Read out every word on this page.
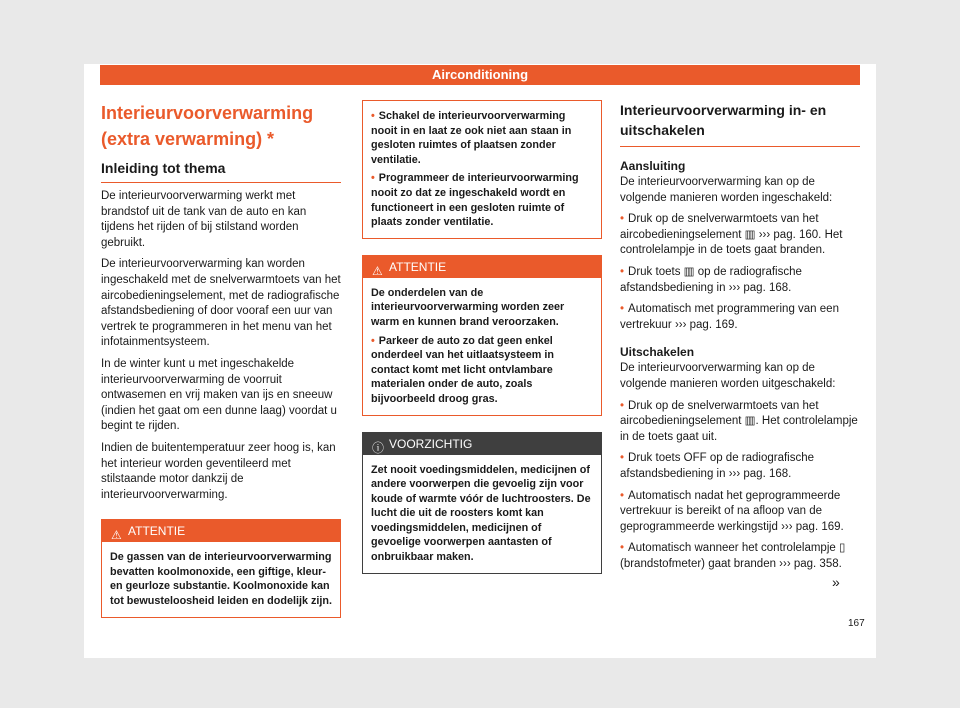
Airconditioning
Interieurvoorverwarming
(extra verwarming) *
Inleiding tot thema

De interieurvoorverwarming werkt met brandstof uit de tank van de auto en kan tijdens het rijden of bij stilstand worden gebruikt.

De interieurvoorverwarming kan worden ingeschakeld met de snelverwarmtoets van het aircobedieningselement, met de radiografische afstandsbediening of door vooraf een uur van vertrek te programmeren in het menu van het infotainmentsysteem.

In de winter kunt u met ingeschakelde interieurvoorverwarming de voorruit ontwasemen en vrij maken van ijs en sneeuw (indien het gaat om een dunne laag) voordat u begint te rijden.

Indien de buitentemperatuur zeer hoog is, kan het interieur worden geventileerd met stilstaande motor dankzij de interieurvoorverwarming.

⚠ ATTENTIE

De gassen van de interieurvoorverwarming bevatten koolmonoxide, een giftige, kleur- en geurloze substantie. Koolmonoxide kan tot bewusteloosheid leiden en dodelijk zijn.

• Schakel de interieurvoorverwarming nooit in en laat ze ook niet aan staan in gesloten ruimtes of plaatsen zonder ventilatie.

• Programmeer de interieurvoorwarming nooit zo dat ze ingeschakeld wordt en functioneert in een gesloten ruimte of plaats zonder ventilatie.

⚠ ATTENTIE

De onderdelen van de interieurvoorverwarming worden zeer warm en kunnen brand veroorzaken.

• Parkeer de auto zo dat geen enkel onderdeel van het uitlaatsysteem in contact komt met licht ontvlambare materialen onder de auto, zoals bijvoorbeeld droog gras.

ⓘ VOORZICHTIG

Zet nooit voedingsmiddelen, medicijnen of andere voorwerpen die gevoelig zijn voor koude of warmte vóór de luchtroosters. De lucht die uit de roosters komt kan voedingsmiddelen, medicijnen of gevoelige voorwerpen aantasten of onbruikbaar maken.

Interieurvoorverwarming in- en uitschakelen
Aansluiting

De interieurvoorverwarming kan op de volgende manieren worden ingeschakeld:

• Druk op de snelverwarmtoets van het aircobedieningselement ▥ ››› pag. 160. Het controlelampje in de toets gaat branden.

• Druk toets ▥ op de radiografische afstandsbediening in ››› pag. 168.

• Automatisch met programmering van een vertrekuur ››› pag. 169.

Uitschakelen

De interieurvoorverwarming kan op de volgende manieren worden uitgeschakeld:

• Druk op de snelverwarmtoets van het aircobedieningselement ▥. Het controlelampje in de toets gaat uit.

• Druk toets OFF op de radiografische afstandsbediening in ››› pag. 168.

• Automatisch nadat het geprogrammeerde vertrekuur is bereikt of na afloop van de geprogrammeerde werkingstijd ››› pag. 169.

• Automatisch wanneer het controlelampje ▯ (brandstofmeter) gaat branden ››› pag. 358.

»
167
